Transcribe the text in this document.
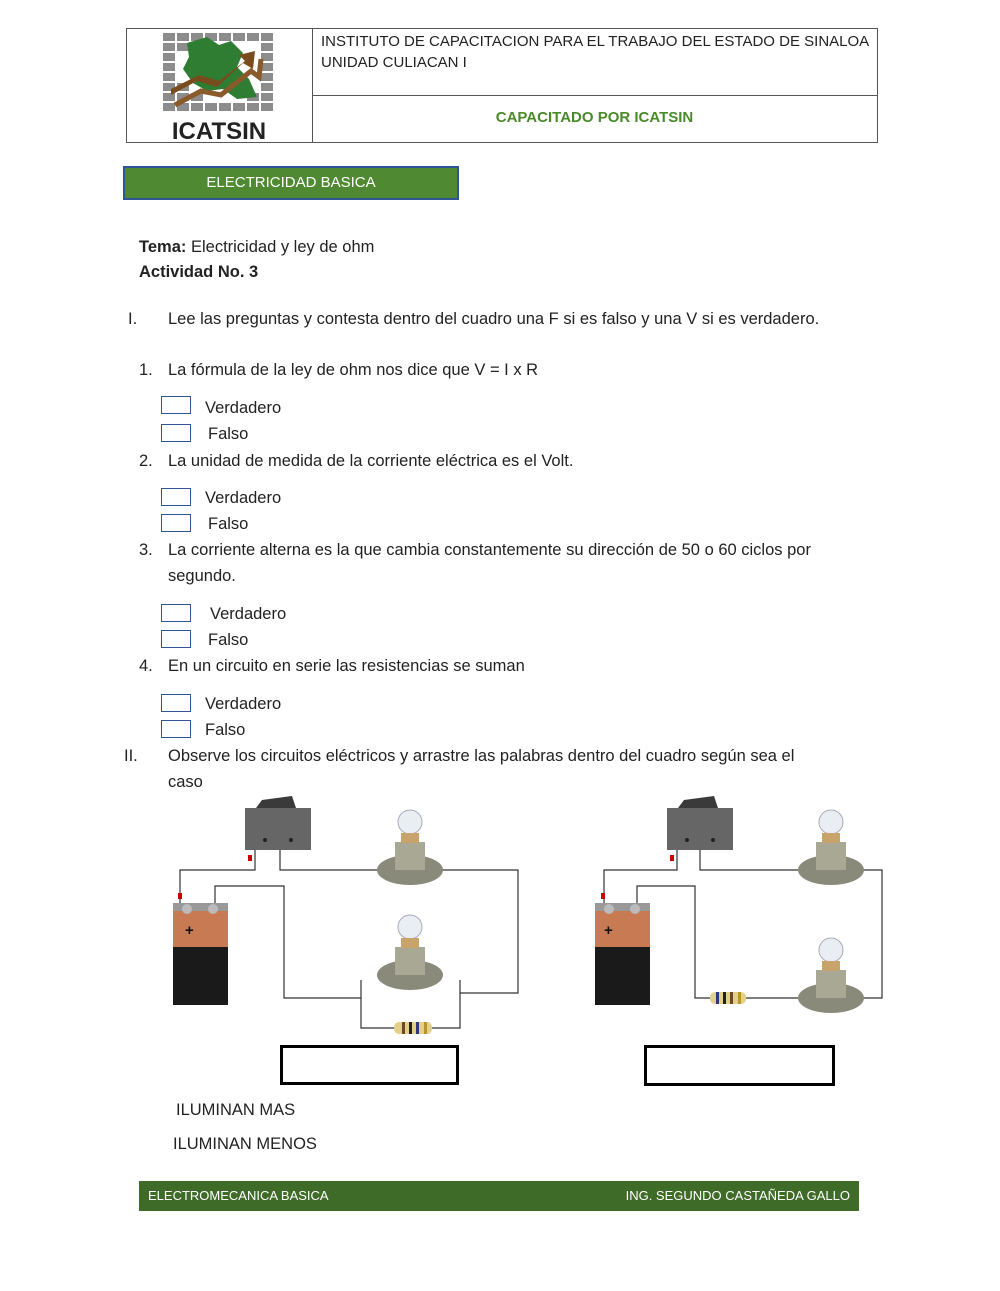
ICATSIN
INSTITUTO DE CAPACITACION PARA EL TRABAJO DEL ESTADO DE SINALOA
UNIDAD CULIACAN I
CAPACITADO POR ICATSIN
ELECTRICIDAD BASICA
Tema: Electricidad y ley de ohm
Actividad No. 3
I. Lee las preguntas y contesta dentro del cuadro una F si es falso y una V si es verdadero.
1. La fórmula de la ley de ohm nos dice que V = I x R
Verdadero
Falso
2. La unidad de medida de la corriente eléctrica es el Volt.
Verdadero
Falso
3. La corriente alterna es la que cambia constantemente su dirección de 50 o 60 ciclos por
segundo.
Verdadero
Falso
4. En un circuito en serie las resistencias se suman
Verdadero
Falso
II. Observe los circuitos eléctricos y arrastre las palabras dentro del cuadro según sea el
caso
+	+
ILUMINAN MAS
ILUMINAN MENOS
ELECTROMECANICA BASICA	ING. SEGUNDO CASTAÑEDA GALLO
